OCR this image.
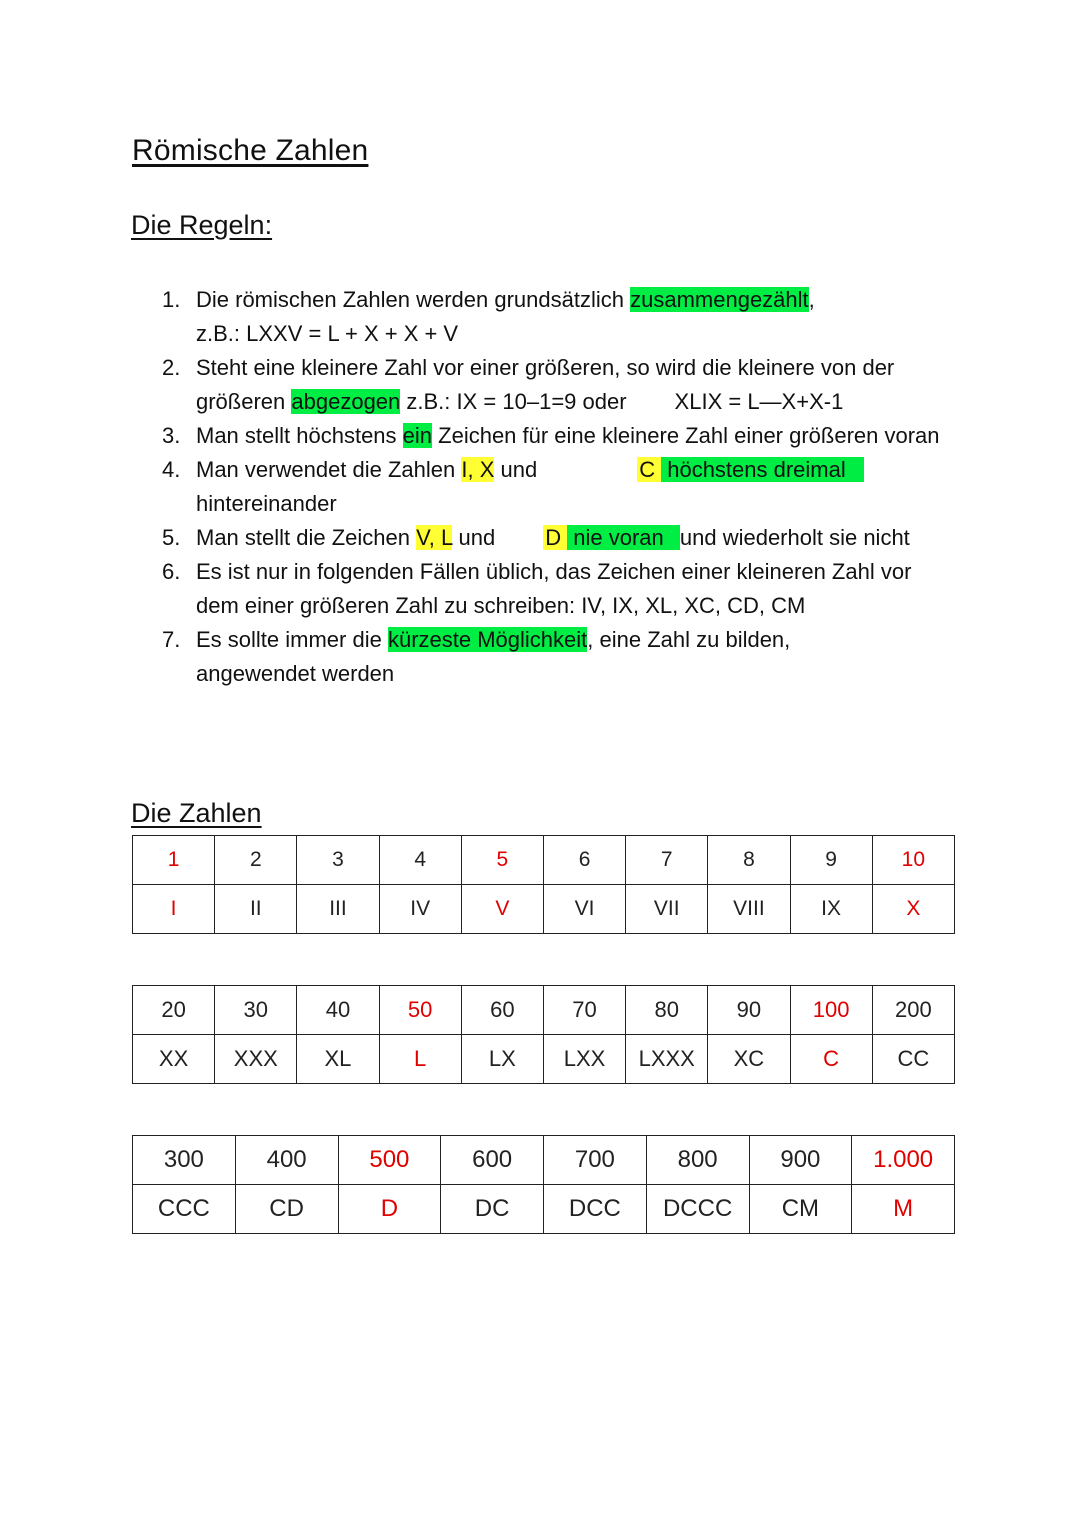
Römische Zahlen
Die Regeln:
1. Die römischen Zahlen werden grundsätzlich zusammengezählt,
z.B.: LXXV = L + X + X + V
2. Steht eine kleinere Zahl vor einer größeren, so wird die kleinere von der größeren abgezogen z.B.: IX = 10–1=9 oder XLIX = L—X+X-1
3. Man stellt höchstens ein Zeichen für eine kleinere Zahl einer größeren voran
4. Man verwendet die Zahlen I, X und	C höchstens dreimal
hintereinander
5. Man stellt die Zeichen V, L und D nie voran und wiederholt sie nicht
6. Es ist nur in folgenden Fällen üblich, das Zeichen einer kleineren Zahl vor dem einer größeren Zahl zu schreiben: IV, IX, XL, XC, CD, CM
7. Es sollte immer die kürzeste Möglichkeit, eine Zahl zu bilden, angewendet werden
Die Zahlen
1	2	3	4	5	6	7	8	9	10
I	II	III	IV	V	VI	VII	VIII	IX	X
20	30	40	50	60	70	80	90	100	200
XX	XXX	XL	L	LX	LXX	LXXX	XC	C	CC
300	400	500	600	700	800	900	1.000
CCC	CD	D	DC	DCC	DCCC	CM	M
